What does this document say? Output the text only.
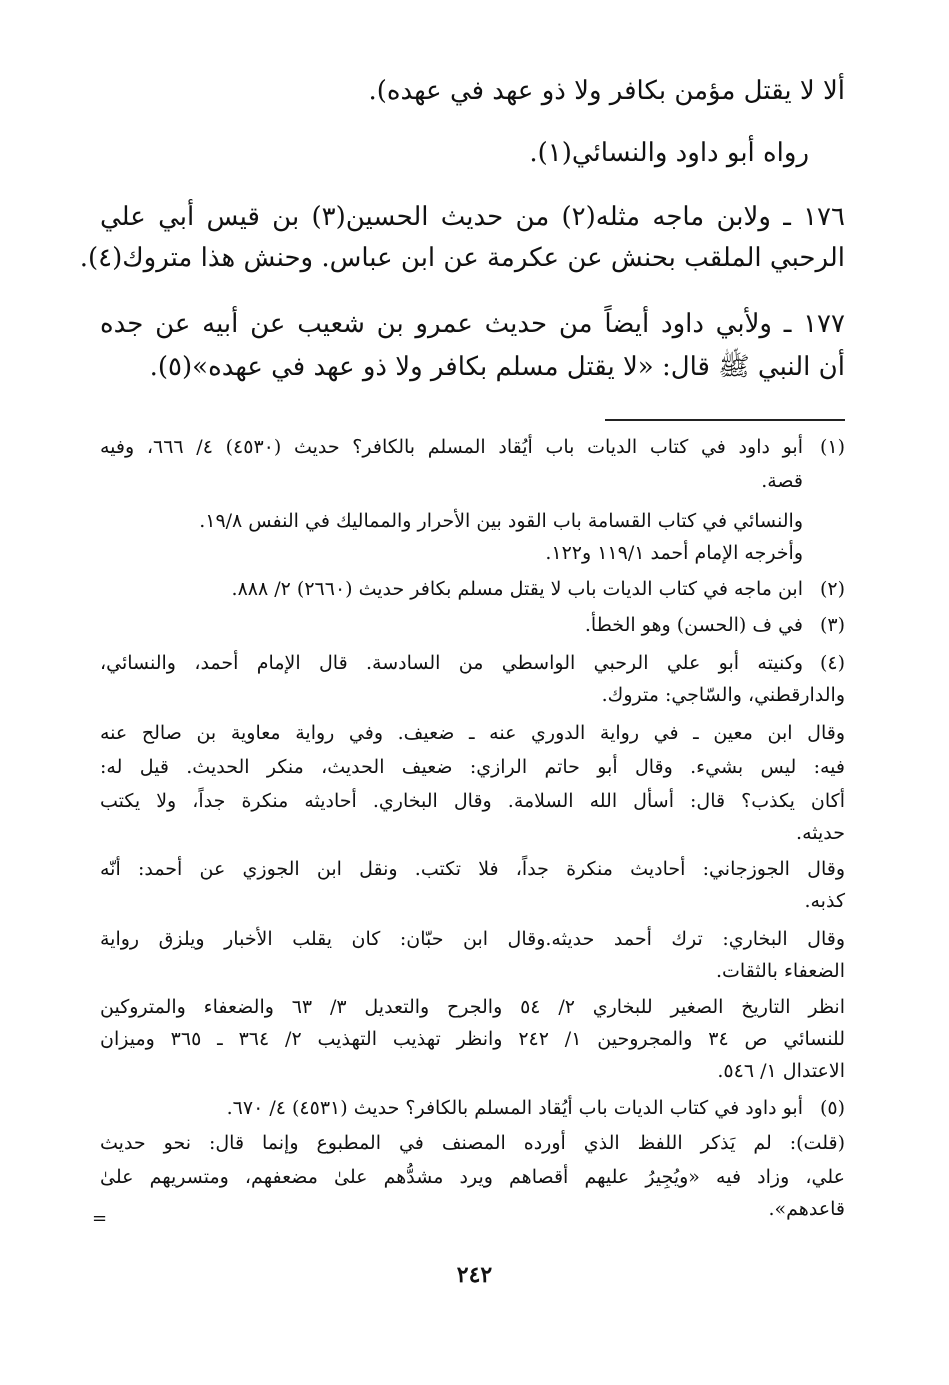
ألا لا يقتل مؤمن بكافر ولا ذو عهد في عهده).
رواه أبو داود والنسائي(١).
١٧٦ ـ ولابن ماجه مثله(٢) من حديث الحسين(٣) بن قيس أبي علي
الرحبي الملقب بحنش عن عكرمة عن ابن عباس. وحنش هذا متروك(٤).
١٧٧ ـ ولأبي داود أيضاً من حديث عمرو بن شعيب عن أبيه عن جده
أن النبي ﷺ قال: «لا يقتل مسلم بكافر ولا ذو عهد في عهده»(٥).
(١)
(٢)
(٣)
(٤)
(٥)
أبو داود في كتاب الديات باب أيُقاد المسلم بالكافر؟ حديث (٤٥٣٠) ٤/ ٦٦٦، وفيه
قصة.
والنسائي في كتاب القسامة باب القود بين الأحرار والمماليك في النفس ١٩/٨.
وأخرجه الإمام أحمد ١١٩/١ و١٢٢.
ابن ماجه في كتاب الديات باب لا يقتل مسلم بكافر حديث (٢٦٦٠) ٢/ ٨٨٨.
في ف (الحسن) وهو الخطأ.
وكنيته أبو علي الرحبي الواسطي من السادسة. قال الإمام أحمد، والنسائي،
والدارقطني، والسّاجي: متروك.
وقال ابن معين ـ في رواية الدوري عنه ـ ضعيف. وفي رواية معاوية بن صالح عنه
فيه: ليس بشيء. وقال أبو حاتم الرازي: ضعيف الحديث، منكر الحديث. قيل له:
أكان يكذب؟ قال: أسأل الله السلامة. وقال البخاري. أحاديثه منكرة جداً، ولا يكتب
حديثه.
وقال الجوزجاني: أحاديث منكرة جداً، فلا تكتب. ونقل ابن الجوزي عن أحمد: أنّه
كذبه.
وقال البخاري: ترك أحمد حديثه.وقال ابن حبّان: كان يقلب الأخبار ويلزق رواية
الضعفاء بالثقات.
انظر التاريخ الصغير للبخاري ٢/ ٥٤ والجرح والتعديل ٣/ ٦٣ والضعفاء والمتروكين
للنسائي ص ٣٤ والمجروحين ١/ ٢٤٢ وانظر تهذيب التهذيب ٢/ ٣٦٤ ـ ٣٦٥ وميزان
الاعتدال ١/ ٥٤٦.
أبو داود في كتاب الديات باب أيُقاد المسلم بالكافر؟ حديث (٤٥٣١) ٤/ ٦٧٠.
(قلت): لم يَذكر اللفظ الذي أورده المصنف في المطبوع وإنما قال: نحو حديث
علي، وزاد فيه «ويُجِيرُ عليهم أقصاهم ويرد مشدُّهم علىٰ مضعفهم، ومتسريهم علىٰ
قاعدهم».
=
٢٤٢
